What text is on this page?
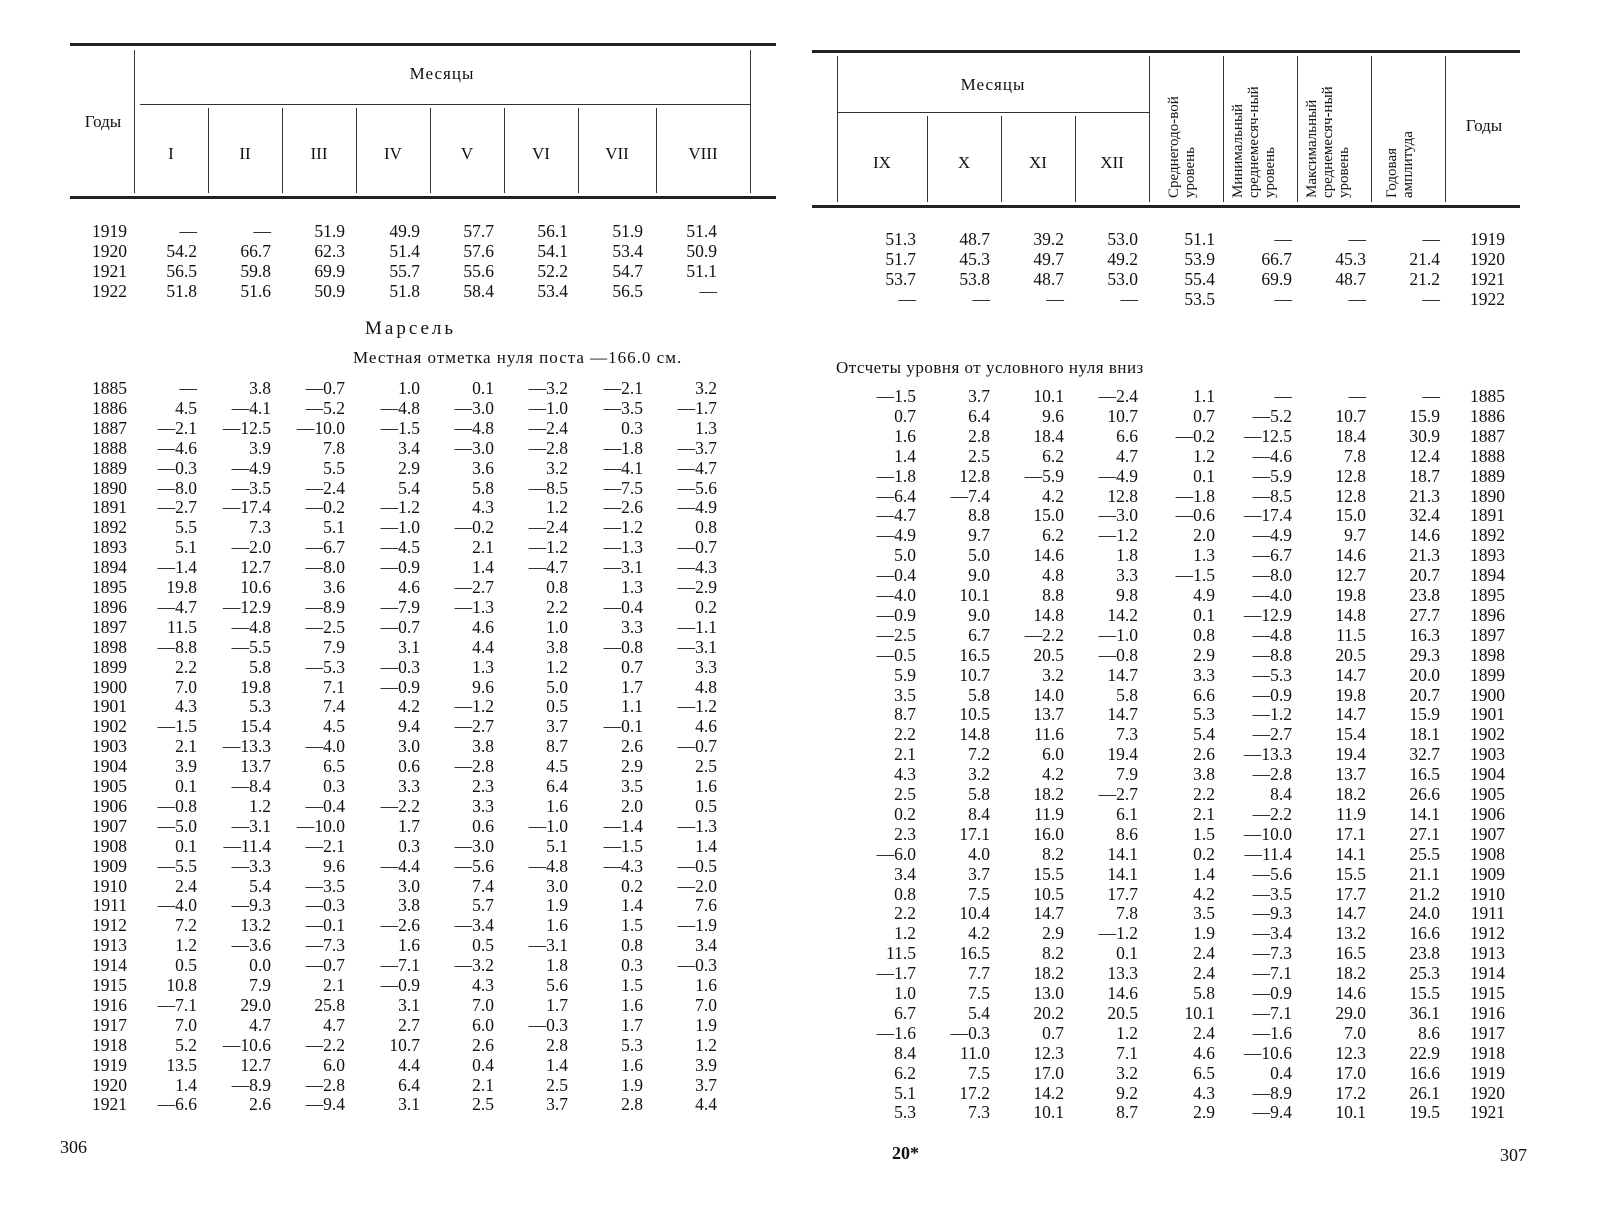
Годы
Месяцы
I	II	III	IV	V	VI	VII	VIII
1919	—	— 51.9	49.9 57.7 56.1	51.9 51.4
1920 54.2 66.7 62.3	51.4 57.6 54.1	53.4 50.9
1921 56.5 59.8 69.9	55.7 55.6 52.2	54.7 51.1
1922 51.8 51.6 50.9	51.8 58.4 53.4	56.5	—
Марсель
Местная отметка нуля поста —166.0 см.
1885	—	3.8 —0.7	1.0	0.1 —3.2 —2.1	3.2
1886	4.5 —4.1 —5.2 —4.8 —3.0 —1.0 —3.5 —1.7
1887 —2.1 —12.5 —10.0 —1.5 —4.8 —2.4	0.3	1.3
1888 —4.6	3.9	7.8	3.4 —3.0 —2.8 —1.8 —3.7
1889 —0.3 —4.9	5.5	2.9	3.6	3.2 —4.1 —4.7
1890 —8.0 —3.5 —2.4	5.4	5.8 —8.5 —7.5 —5.6
1891 —2.7 —17.4 —0.2 —1.2	4.3	1.2 —2.6 —4.9
1892	5.5	7.3	5.1 —1.0 —0.2 —2.4 —1.2	0.8
1893	5.1 —2.0 —6.7 —4.5	2.1 —1.2 —1.3 —0.7
1894 —1.4 12.7 —8.0 —0.9	1.4 —4.7 —3.1 —4.3
1895 19.8 10.6	3.6	4.6 —2.7	0.8	1.3 —2.9
1896 —4.7 —12.9 —8.9 —7.9 —1.3	2.2 —0.4	0.2
1897 11.5 —4.8 —2.5 —0.7	4.6	1.0	3.3 —1.1
1898 —8.8 —5.5	7.9	3.1	4.4	3.8 —0.8 —3.1
1899	2.2	5.8 —5.3 —0.3	1.3	1.2	0.7	3.3
1900	7.0 19.8	7.1 —0.9	9.6	5.0	1.7	4.8
1901	4.3	5.3	7.4	4.2 —1.2	0.5	1.1 —1.2
1902 —1.5 15.4	4.5	9.4 —2.7	3.7 —0.1	4.6
1903	2.1 —13.3 —4.0	3.0	3.8	8.7	2.6 —0.7
1904	3.9 13.7	6.5	0.6 —2.8	4.5	2.9	2.5
1905	0.1 —8.4	0.3	3.3	2.3	6.4	3.5	1.6
1906 —0.8	1.2 —0.4 —2.2	3.3	1.6	2.0	0.5
1907 —5.0 —3.1 —10.0	1.7	0.6 —1.0 —1.4 —1.3
1908	0.1 —11.4 —2.1	0.3 —3.0	5.1 —1.5	1.4
1909 —5.5 —3.3	9.6 —4.4 —5.6 —4.8 —4.3 —0.5
1910	2.4	5.4 —3.5	3.0	7.4	3.0	0.2 —2.0
1911 —4.0 —9.3 —0.3	3.8	5.7	1.9	1.4	7.6
1912	7.2 13.2 —0.1 —2.6 —3.4	1.6	1.5 —1.9
1913	1.2 —3.6 —7.3	1.6	0.5 —3.1	0.8	3.4
1914	0.5	0.0 —0.7 —7.1 —3.2	1.8	0.3 —0.3
1915 10.8	7.9	2.1 —0.9	4.3	5.6	1.5	1.6
1916 —7.1 29.0 25.8	3.1	7.0	1.7	1.6	7.0
1917	7.0	4.7	4.7	2.7	6.0 —0.3	1.7	1.9
1918	5.2 —10.6 —2.2	10.7	2.6	2.8	5.3	1.2
1919 13.5 12.7	6.0	4.4	0.4	1.4	1.6	3.9
1920	1.4 —8.9 —2.8	6.4	2.1	2.5	1.9	3.7
1921 —6.6	2.6 —9.4	3.1	2.5	3.7	2.8	4.4
306
Месяцы
IX	X	XI	XII	Среднегодо-вой уровень	Минимальный среднемесяч-ный уровень	Максимальный среднемесяч-ный уровень	Годовая амплитуда
Годы
51.3 48.7 39.2 53.0	51.1	—	—	— 1919
51.7 45.3 49.7 49.2	53.9	66.7 45.3 21.4 1920
53.7 53.8 48.7 53.0	55.4	69.9 48.7 21.2 1921
—	—	—	—	53.5	—	—	— 1922
Отсчеты уровня от условного нуля вниз
—1.5	3.7 10.1 —2.4	1.1	—	—	— 1885
0.7	6.4	9.6 10.7	0.7 —5.2 10.7 15.9 1886
1.6	2.8 18.4	6.6 —0.2 —12.5 18.4 30.9 1887
1.4	2.5	6.2	4.7	1.2 —4.6	7.8 12.4 1888
—1.8 12.8 —5.9 —4.9	0.1 —5.9 12.8 18.7 1889
—6.4 —7.4	4.2 12.8 —1.8 —8.5 12.8 21.3 1890
—4.7	8.8 15.0 —3.0 —0.6 —17.4 15.0 32.4 1891
—4.9	9.7	6.2 —1.2	2.0 —4.9	9.7 14.6 1892
5.0	5.0 14.6	1.8	1.3 —6.7 14.6 21.3 1893
—0.4	9.0	4.8	3.3 —1.5 —8.0 12.7 20.7 1894
—4.0 10.1	8.8	9.8	4.9 —4.0 19.8 23.8 1895
—0.9	9.0 14.8 14.2	0.1 —12.9 14.8 27.7 1896
—2.5	6.7 —2.2 —1.0	0.8 —4.8	11.5 16.3 1897
—0.5 16.5 20.5 —0.8	2.9 —8.8 20.5 29.3 1898
5.9 10.7	3.2 14.7	3.3 —5.3 14.7 20.0 1899
3.5	5.8 14.0	5.8	6.6 —0.9 19.8 20.7 1900
8.7 10.5 13.7 14.7	5.3 —1.2 14.7 15.9 1901
2.2 14.8	11.6	7.3	5.4 —2.7 15.4 18.1 1902
2.1	7.2	6.0 19.4	2.6 —13.3 19.4 32.7 1903
4.3	3.2	4.2	7.9	3.8 —2.8 13.7 16.5 1904
2.5	5.8 18.2 —2.7	2.2	8.4 18.2 26.6 1905
0.2	8.4	11.9	6.1	2.1 —2.2	11.9 14.1 1906
2.3 17.1 16.0	8.6	1.5 —10.0 17.1 27.1 1907
—6.0	4.0	8.2 14.1	0.2 —11.4 14.1 25.5 1908
3.4	3.7 15.5 14.1	1.4 —5.6 15.5 21.1 1909
0.8	7.5 10.5 17.7	4.2 —3.5 17.7 21.2 1910
2.2 10.4 14.7	7.8	3.5 —9.3 14.7 24.0 1911
1.2	4.2	2.9 —1.2	1.9 —3.4 13.2 16.6 1912
11.5 16.5	8.2	0.1	2.4 —7.3 16.5 23.8 1913
—1.7	7.7 18.2 13.3	2.4 —7.1 18.2 25.3 1914
1.0	7.5 13.0 14.6	5.8 —0.9 14.6 15.5 1915
6.7	5.4 20.2 20.5	10.1 —7.1 29.0 36.1 1916
—1.6 —0.3	0.7	1.2	2.4 —1.6	7.0	8.6 1917
8.4	11.0 12.3	7.1	4.6 —10.6 12.3 22.9 1918
6.2	7.5 17.0	3.2	6.5	0.4 17.0 16.6 1919
5.1 17.2 14.2	9.2	4.3 —8.9 17.2 26.1 1920
5.3	7.3 10.1	8.7	2.9 —9.4 10.1 19.5 1921
20*	307
